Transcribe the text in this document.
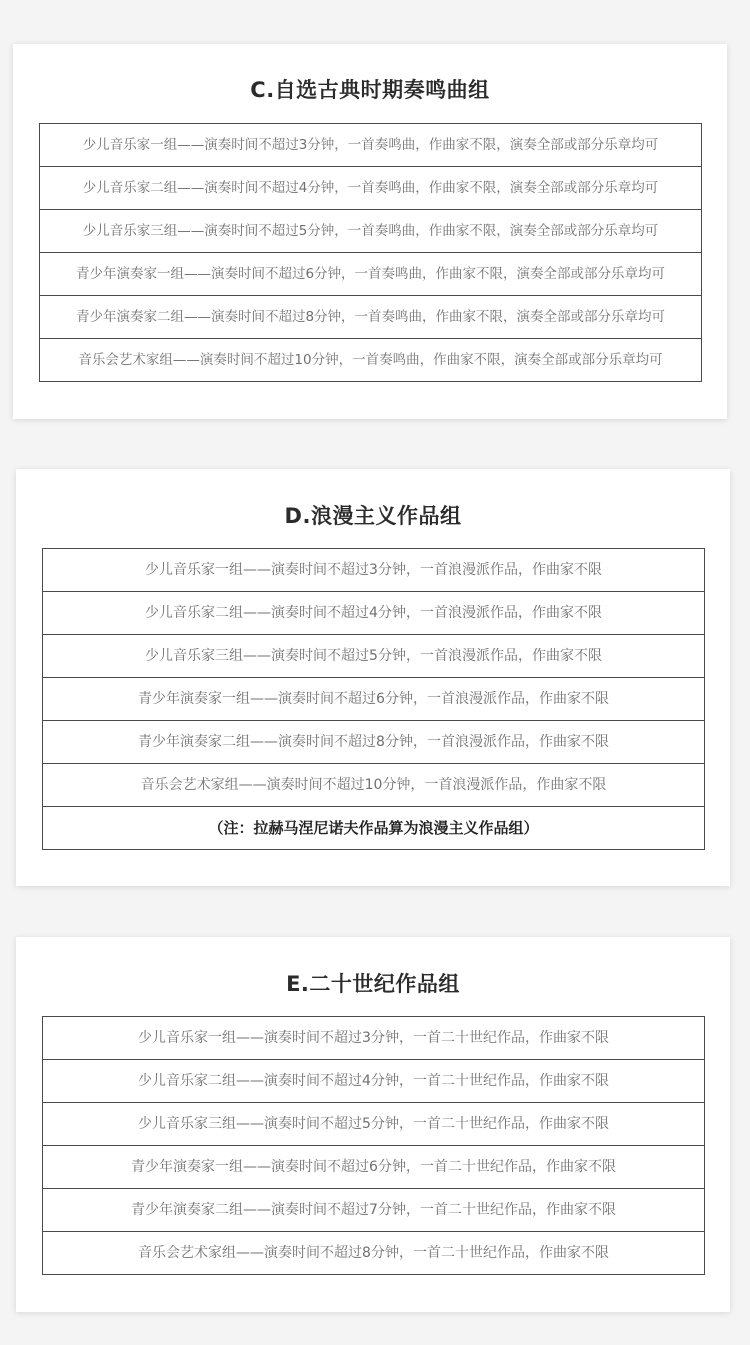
C.自选古典时期奏鸣曲组
少儿音乐家一组——演奏时间不超过3分钟，一首奏鸣曲，作曲家不限，演奏全部或部分乐章均可
少儿音乐家二组——演奏时间不超过4分钟，一首奏鸣曲，作曲家不限，演奏全部或部分乐章均可
少儿音乐家三组——演奏时间不超过5分钟，一首奏鸣曲，作曲家不限，演奏全部或部分乐章均可
青少年演奏家一组——演奏时间不超过6分钟，一首奏鸣曲，作曲家不限，演奏全部或部分乐章均可
青少年演奏家二组——演奏时间不超过8分钟，一首奏鸣曲，作曲家不限，演奏全部或部分乐章均可
音乐会艺术家组——演奏时间不超过10分钟，一首奏鸣曲，作曲家不限，演奏全部或部分乐章均可
D.浪漫主义作品组
少儿音乐家一组——演奏时间不超过3分钟，一首浪漫派作品，作曲家不限
少儿音乐家二组——演奏时间不超过4分钟，一首浪漫派作品，作曲家不限
少儿音乐家三组——演奏时间不超过5分钟，一首浪漫派作品，作曲家不限
青少年演奏家一组——演奏时间不超过6分钟，一首浪漫派作品，作曲家不限
青少年演奏家二组——演奏时间不超过8分钟，一首浪漫派作品，作曲家不限
音乐会艺术家组——演奏时间不超过10分钟，一首浪漫派作品，作曲家不限
（注：拉赫马涅尼诺夫作品算为浪漫主义作品组）
E.二十世纪作品组
少儿音乐家一组——演奏时间不超过3分钟，一首二十世纪作品，作曲家不限
少儿音乐家二组——演奏时间不超过4分钟，一首二十世纪作品，作曲家不限
少儿音乐家三组——演奏时间不超过5分钟，一首二十世纪作品，作曲家不限
青少年演奏家一组——演奏时间不超过6分钟，一首二十世纪作品，作曲家不限
青少年演奏家二组——演奏时间不超过7分钟，一首二十世纪作品，作曲家不限
音乐会艺术家组——演奏时间不超过8分钟，一首二十世纪作品，作曲家不限
